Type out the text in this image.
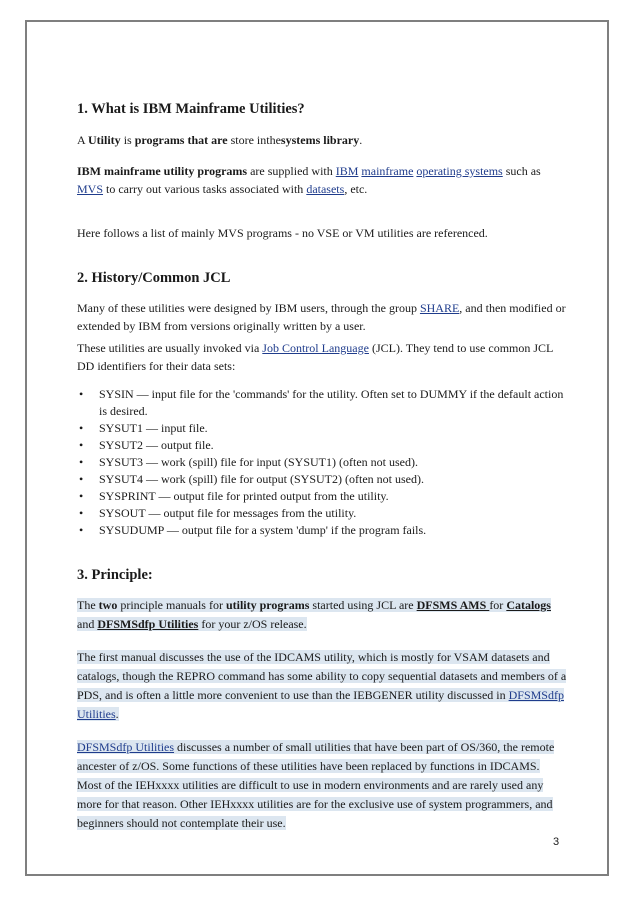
1. What is IBM Mainframe Utilities?

A Utility is programs that are store inthesystems library.

IBM mainframe utility programs are supplied with IBM mainframe operating systems such as MVS to carry out various tasks associated with datasets, etc.

Here follows a list of mainly MVS programs - no VSE or VM utilities are referenced.

2. History/Common JCL

Many of these utilities were designed by IBM users, through the group SHARE, and then modified or extended by IBM from versions originally written by a user.

These utilities are usually invoked via Job Control Language (JCL). They tend to use common JCL DD identifiers for their data sets:

• SYSIN — input file for the 'commands' for the utility. Often set to DUMMY if the default action is desired.
• SYSUT1 — input file.
• SYSUT2 — output file.
• SYSUT3 — work (spill) file for input (SYSUT1) (often not used).
• SYSUT4 — work (spill) file for output (SYSUT2) (often not used).
• SYSPRINT — output file for printed output from the utility.
• SYSOUT — output file for messages from the utility.
• SYSUDUMP — output file for a system 'dump' if the program fails.
3. Principle:

The two principle manuals for utility programs started using JCL are DFSMS AMS for Catalogs and DFSMSdfp Utilities for your z/OS release.

The first manual discusses the use of the IDCAMS utility, which is mostly for VSAM datasets and catalogs, though the REPRO command has some ability to copy sequential datasets and members of a PDS, and is often a little more convenient to use than the IEBGENER utility discussed in DFSMSdfp Utilities.

DFSMSdfp Utilities discusses a number of small utilities that have been part of OS/360, the remote ancester of z/OS. Some functions of these utilities have been replaced by functions in IDCAMS. Most of the IEHxxxx utilities are difficult to use in modern environments and are rarely used any more for that reason. Other IEHxxxx utilities are for the exclusive use of system programmers, and beginners should not contemplate their use.

3
